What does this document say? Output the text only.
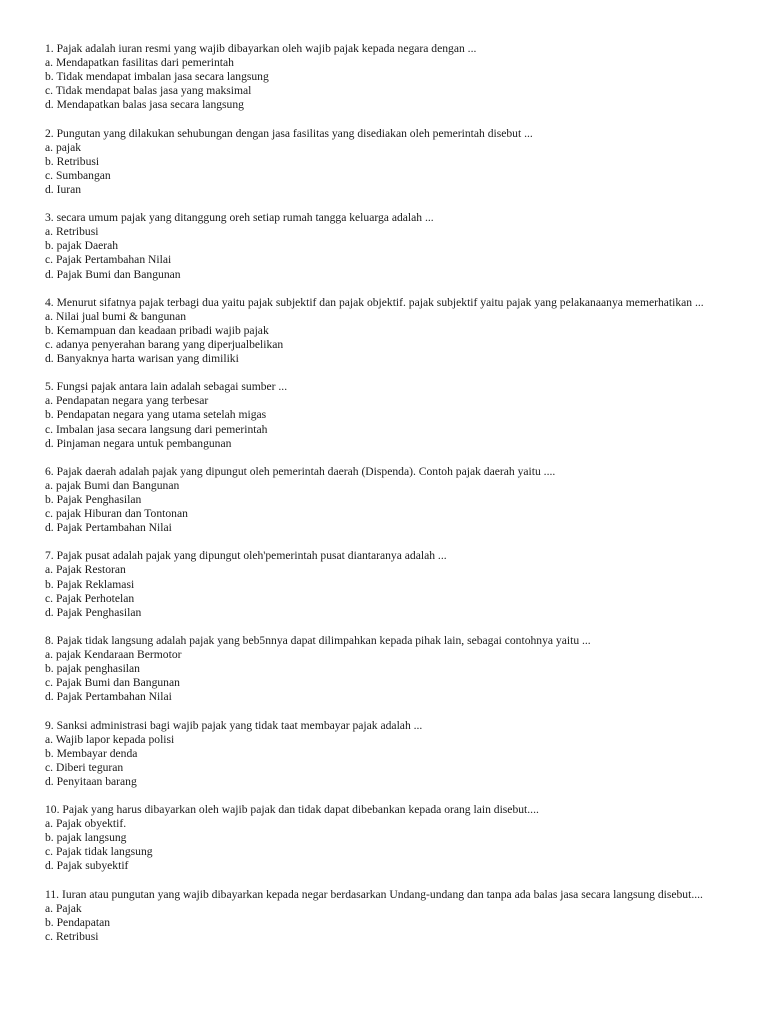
1. Pajak adalah iuran resmi yang wajib dibayarkan oleh wajib pajak kepada negara dengan ...

a. Mendapatkan fasilitas dari pemerintah

b. Tidak mendapat imbalan jasa secara langsung

c. Tidak mendapat balas jasa yang maksimal

d. Mendapatkan balas jasa secara langsung

2. Pungutan yang dilakukan sehubungan dengan jasa fasilitas yang disediakan oleh pemerintah disebut ...

a. pajak

b. Retribusi

c. Sumbangan

d. Iuran

3. secara umum pajak yang ditanggung oreh setiap rumah tangga keluarga adalah ...

a. Retribusi

b. pajak Daerah

c. Pajak Pertambahan Nilai

d. Pajak Bumi dan Bangunan

4. Menurut sifatnya pajak terbagi dua yaitu pajak subjektif dan pajak objektif. pajak subjektif yaitu pajak yang pelakanaanya memerhatikan ...

a. Nilai jual bumi & bangunan

b. Kemampuan dan keadaan pribadi wajib pajak

c. adanya penyerahan barang yang diperjualbelikan

d. Banyaknya harta warisan yang dimiliki

5. Fungsi pajak antara lain adalah sebagai sumber ...

a. Pendapatan negara yang terbesar

b. Pendapatan negara yang utama setelah migas

c. Imbalan jasa secara langsung dari pemerintah

d. Pinjaman negara untuk pembangunan

6. Pajak daerah adalah pajak yang dipungut oleh pemerintah daerah (Dispenda). Contoh pajak daerah yaitu ....

a. pajak Bumi dan Bangunan

b. Pajak Penghasilan

c. pajak Hiburan dan Tontonan

d. Pajak Pertambahan Nilai

7. Pajak pusat adalah pajak yang dipungut oleh'pemerintah pusat diantaranya adalah ...

a. Pajak Restoran

b. Pajak Reklamasi

c. Pajak Perhotelan

d. Pajak Penghasilan

8. Pajak tidak langsung adalah pajak yang beb5nnya dapat dilimpahkan kepada pihak lain, sebagai contohnya yaitu ...

a. pajak Kendaraan Bermotor

b. pajak penghasilan

c. Pajak Bumi dan Bangunan

d. Pajak Pertambahan Nilai

9. Sanksi administrasi bagi wajib pajak yang tidak taat membayar pajak adalah ...

a. Wajib lapor kepada polisi

b. Membayar denda

c. Diberi teguran

d. Penyitaan barang

10. Pajak yang harus dibayarkan oleh wajib pajak dan tidak dapat dibebankan kepada orang lain disebut....

a. Pajak obyektif.

b. pajak langsung

c. Pajak tidak langsung

d. Pajak subyektif

11. Iuran atau pungutan yang wajib dibayarkan kepada negar berdasarkan Undang-undang dan tanpa ada balas jasa secara langsung disebut....

a. Pajak

b. Pendapatan

c. Retribusi
